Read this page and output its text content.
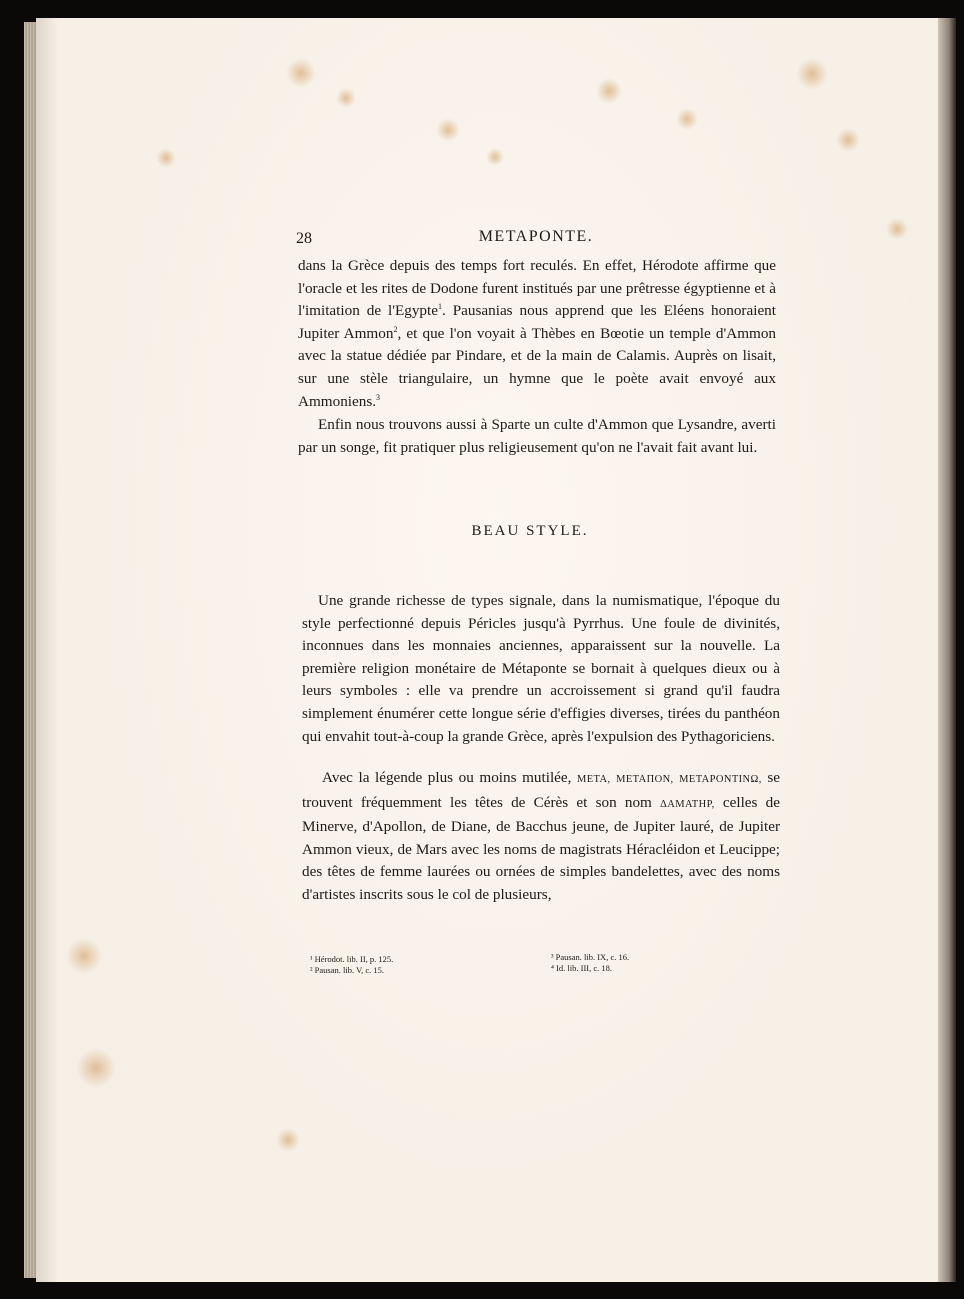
28	METAPONTE.

dans la Grèce depuis des temps fort reculés. En effet, Hérodote affirme que l'oracle et les rites de Dodone furent institués par une prêtresse égyptienne et à l'imitation de l'Egypte$^1$. Pausanias nous apprend que les Eléens honoraient Jupiter Ammon$^2$, et que l'on voyait à Thèbes en Bœotie un temple d'Ammon avec la statue dédiée par Pindare, et de la main de Calamis. Auprès on lisait, sur une stèle triangulaire, un hymne que le poète avait envoyé aux Ammoniens.$^3$

Enfin nous trouvons aussi à Sparte un culte d'Ammon que Lysandre, averti par un songe, fit pratiquer plus religieusement qu'on ne l'avait fait avant lui.

BEAU STYLE.

Une grande richesse de types signale, dans la numismatique, l'époque du style perfectionné depuis Péricles jusqu'à Pyrrhus. Une foule de divinités, inconnues dans les monnaies anciennes, apparaissent sur la nouvelle. La première religion monétaire de Métaponte se bornait à quelques dieux ou à leurs symboles : elle va prendre un accroissement si grand qu'il faudra simplement énumérer cette longue série d'effigies diverses, tirées du panthéon qui envahit tout-à-coup la grande Grèce, après l'expulsion des Pythagoriciens.

Avec la légende plus ou moins mutilée, META, METAΠON, METAPONTINΩ, se trouvent fréquemment les têtes de Cérès et son nom ΔAMATHP, celles de Minerve, d'Apollon, de Diane, de Bacchus jeune, de Jupiter lauré, de Jupiter Ammon vieux, de Mars avec les noms de magistrats Héracléidon et Leucippe; des têtes de femme laurées ou ornées de simples bandelettes, avec des noms d'artistes inscrits sous le col de plusieurs,

¹ Hérodot. lib. II, p. 125.
² Pausan. lib. V, c. 15.
³ Pausan. lib. IX, c. 16.
⁴ Id. lib. III, c. 18.
